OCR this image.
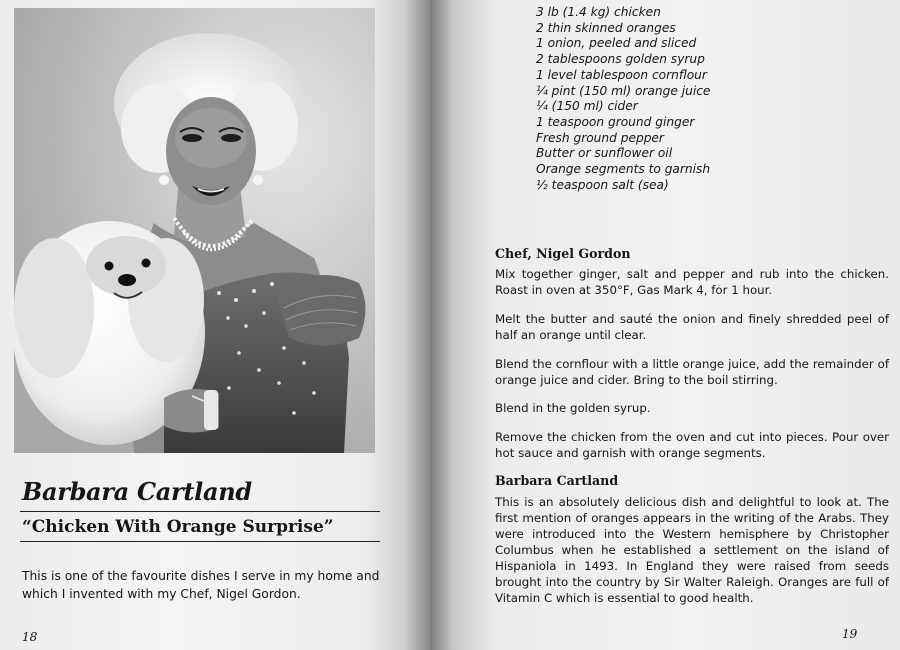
Barbara Cartland
“Chicken With Orange Surprise”
This is one of the favourite dishes I serve in my home and which I invented with my Chef, Nigel Gordon.
18
3 lb (1.4 kg) chicken
2 thin skinned oranges
1 onion, peeled and sliced
2 tablespoons golden syrup
1 level tablespoon cornflour
¼ pint (150 ml) orange juice
¼ (150 ml) cider
1 teaspoon ground ginger
Fresh ground pepper
Butter or sunflower oil
Orange segments to garnish
½ teaspoon salt (sea)
Chef, Nigel Gordon

Mix together ginger, salt and pepper and rub into the chicken. Roast in oven at 350°F, Gas Mark 4, for 1 hour.

Melt the butter and sauté the onion and finely shredded peel of half an orange until clear.

Blend the cornflour with a little orange juice, add the remainder of orange juice and cider. Bring to the boil stirring.

Blend in the golden syrup.

Remove the chicken from the oven and cut into pieces. Pour over hot sauce and garnish with orange segments.

Barbara Cartland

This is an absolutely delicious dish and delightful to look at. The first mention of oranges appears in the writing of the Arabs. They were introduced into the Western hemisphere by Christopher Columbus when he established a settlement on the island of Hispaniola in 1493. In England they were raised from seeds brought into the country by Sir Walter Raleigh. Oranges are full of Vitamin C which is essential to good health.

19
